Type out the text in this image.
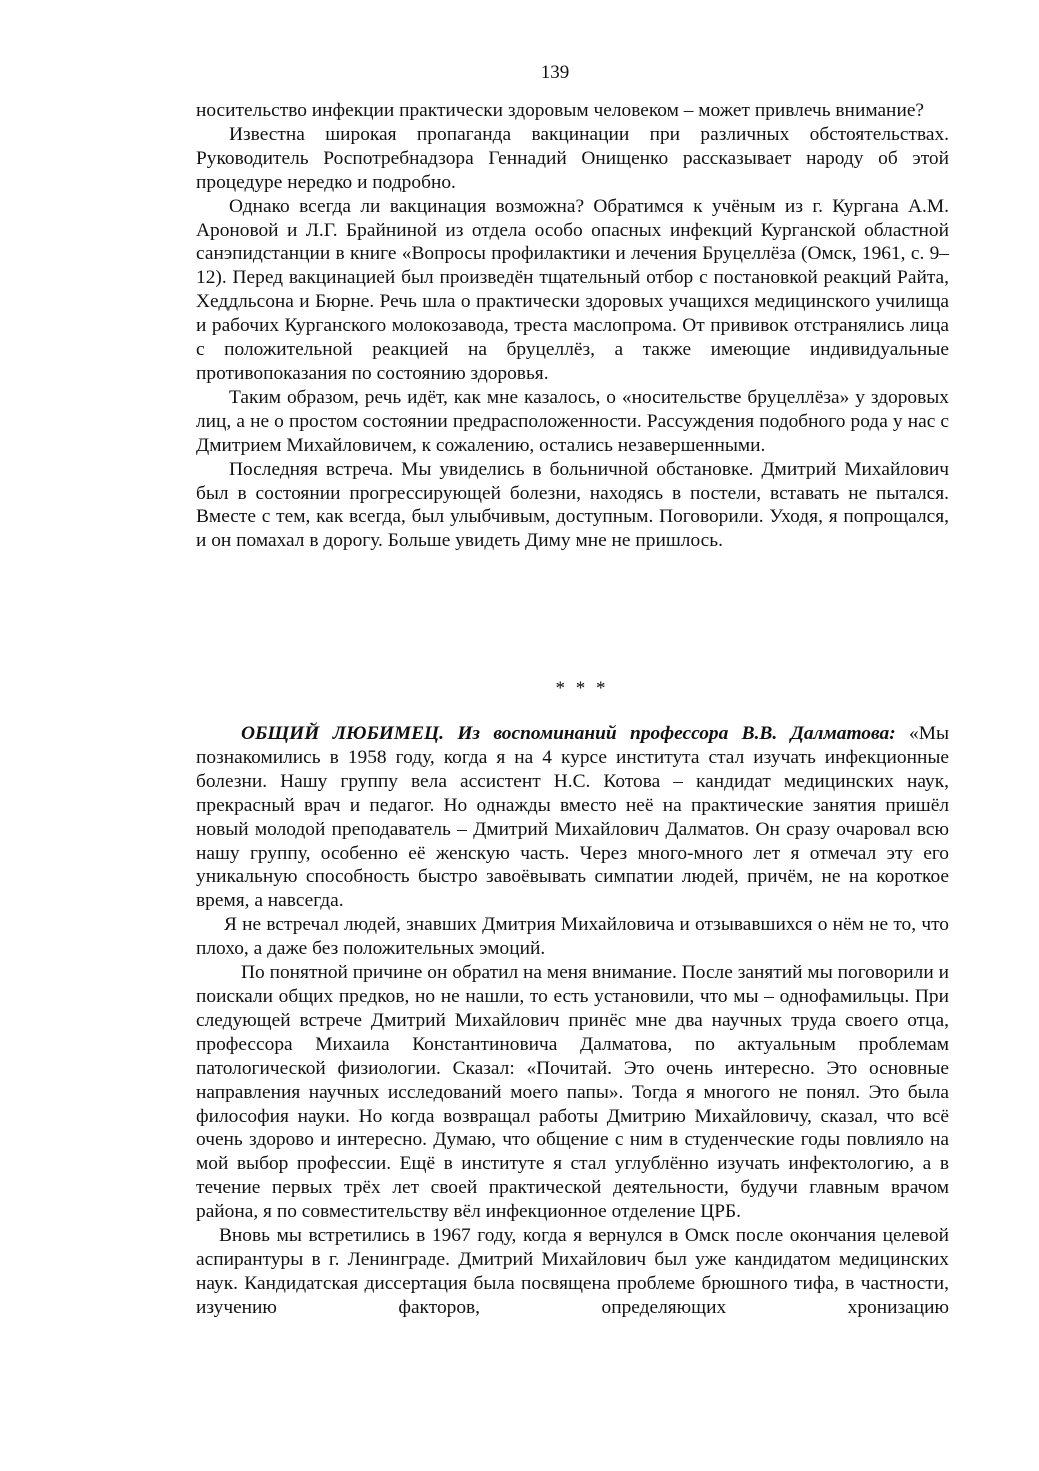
139

носительство инфекции практически здоровым человеком – может привлечь внимание?

Известна широкая пропаганда вакцинации при различных обстоятельствах. Руководитель Роспотребнадзора Геннадий Онищенко рассказывает народу об этой процедуре нередко и подробно.

Однако всегда ли вакцинация возможна? Обратимся к учёным из г. Кургана А.М. Ароновой и Л.Г. Брайниной из отдела особо опасных инфекций Курганской областной санэпидстанции в книге «Вопросы профилактики и лечения Бруцеллёза (Омск, 1961, с. 9–12). Перед вакцинацией был произведён тщательный отбор с постановкой реакций Райта, Хеддльсона и Бюрне. Речь шла о практически здоровых учащихся медицинского училища и рабочих Курганского молокозавода, треста маслопрома. От прививок отстранялись лица с положительной реакцией на бруцеллёз, а также имеющие индивидуальные противопоказания по состоянию здоровья.

Таким образом, речь идёт, как мне казалось, о «носительстве бруцеллёза» у здоровых лиц, а не о простом состоянии предрасположенности. Рассуждения подобного рода у нас с Дмитрием Михайловичем, к сожалению, остались незавершенными.

Последняя встреча. Мы увиделись в больничной обстановке. Дмитрий Михайлович был в состоянии прогрессирующей болезни, находясь в постели, вставать не пытался. Вместе с тем, как всегда, был улыбчивым, доступным. Поговорили. Уходя, я попрощался, и он помахал в дорогу. Больше увидеть Диму мне не пришлось.

* * *

ОБЩИЙ ЛЮБИМЕЦ. Из воспоминаний профессора В.В. Далматова: «Мы познакомились в 1958 году, когда я на 4 курсе института стал изучать инфекционные болезни. Нашу группу вела ассистент Н.С. Котова – кандидат медицинских наук, прекрасный врач и педагог. Но однажды вместо неё на практические занятия пришёл новый молодой преподаватель – Дмитрий Михайлович Далматов. Он сразу очаровал всю нашу группу, особенно её женскую часть. Через много-много лет я отмечал эту его уникальную способность быстро завоёвывать симпатии людей, причём, не на короткое время, а навсегда.

Я не встречал людей, знавших Дмитрия Михайловича и отзывавшихся о нём не то, что плохо, а даже без положительных эмоций.

По понятной причине он обратил на меня внимание. После занятий мы поговорили и поискали общих предков, но не нашли, то есть установили, что мы – однофамильцы. При следующей встрече Дмитрий Михайлович принёс мне два научных труда своего отца, профессора Михаила Константиновича Далматова, по актуальным проблемам патологической физиологии. Сказал: «Почитай. Это очень интересно. Это основные направления научных исследований моего папы». Тогда я многого не понял. Это была философия науки. Но когда возвращал работы Дмитрию Михайловичу, сказал, что всё очень здорово и интересно. Думаю, что общение с ним в студенческие годы повлияло на мой выбор профессии. Ещё в институте я стал углублённо изучать инфектологию, а в течение первых трёх лет своей практической деятельности, будучи главным врачом района, я по совместительству вёл инфекционное отделение ЦРБ.

Вновь мы встретились в 1967 году, когда я вернулся в Омск после окончания целевой аспирантуры в г. Ленинграде. Дмитрий Михайлович был уже кандидатом медицинских наук. Кандидатская диссертация была посвящена проблеме брюшного тифа, в частности, изучению факторов, определяющих хронизацию
